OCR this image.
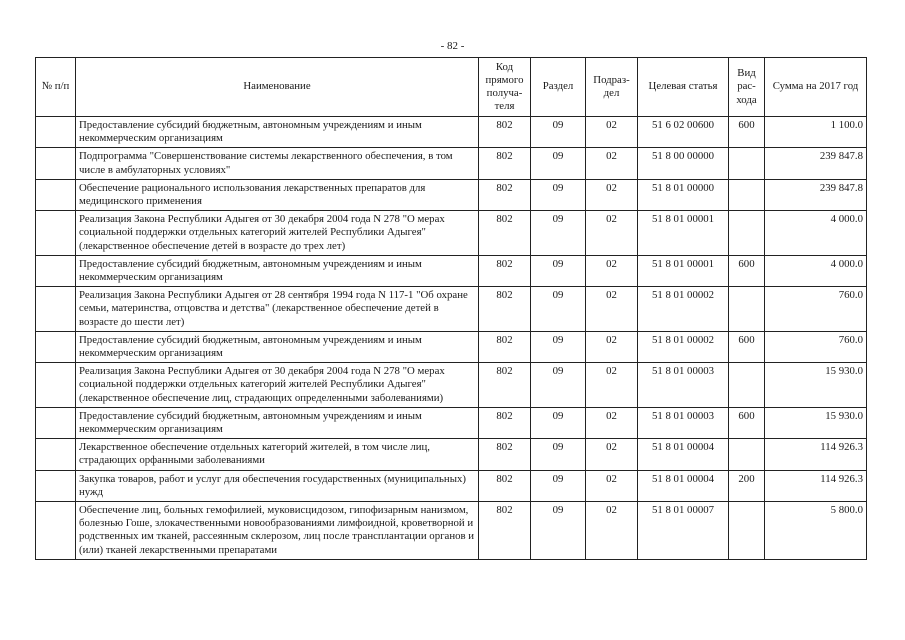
- 82 -
№ п/п	Наименование	Код прямого получа-теля	Раздел	Подраз-дел	Целевая статья	Вид рас-хода	Сумма на 2017 год
	Предоставление субсидий бюджетным, автономным учреждениям и иным некоммерческим организациям	802	09	02	51 6 02 00600	600	1 100.0
	Подпрограмма "Совершенствование системы лекарственного обеспечения, в том числе в амбулаторных условиях"	802	09	02	51 8 00 00000		239 847.8
	Обеспечение рационального использования лекарственных препаратов для медицинского применения	802	09	02	51 8 01 00000		239 847.8
	Реализация Закона Республики Адыгея от 30 декабря 2004 года N 278 "О мерах социальной поддержки отдельных категорий жителей Республики Адыгея" (лекарственное обеспечение детей в возрасте до трех лет)	802	09	02	51 8 01 00001		4 000.0
	Предоставление субсидий бюджетным, автономным учреждениям и иным некоммерческим организациям	802	09	02	51 8 01 00001	600	4 000.0
	Реализация Закона Республики Адыгея от 28 сентября 1994 года N 117-1 "Об охране семьи, материнства, отцовства и детства" (лекарственное обеспечение детей в возрасте до шести лет)	802	09	02	51 8 01 00002		760.0
	Предоставление субсидий бюджетным, автономным учреждениям и иным некоммерческим организациям	802	09	02	51 8 01 00002	600	760.0
	Реализация Закона Республики Адыгея от 30 декабря 2004 года N 278 "О мерах социальной поддержки отдельных категорий жителей Республики Адыгея" (лекарственное обеспечение лиц, страдающих определенными заболеваниями)	802	09	02	51 8 01 00003		15 930.0
	Предоставление субсидий бюджетным, автономным учреждениям и иным некоммерческим организациям	802	09	02	51 8 01 00003	600	15 930.0
	Лекарственное обеспечение отдельных категорий жителей, в том числе лиц, страдающих орфанными заболеваниями	802	09	02	51 8 01 00004		114 926.3
	Закупка товаров, работ и услуг для обеспечения государственных (муниципальных) нужд	802	09	02	51 8 01 00004	200	114 926.3
	Обеспечение лиц, больных гемофилией, муковисцидозом, гипофизарным нанизмом, болезнью Гоше, злокачественными новообразованиями лимфоидной, кроветворной и родственных им тканей, рассеянным склерозом, лиц после трансплантации органов и (или) тканей лекарственными препаратами	802	09	02	51 8 01 00007		5 800.0
